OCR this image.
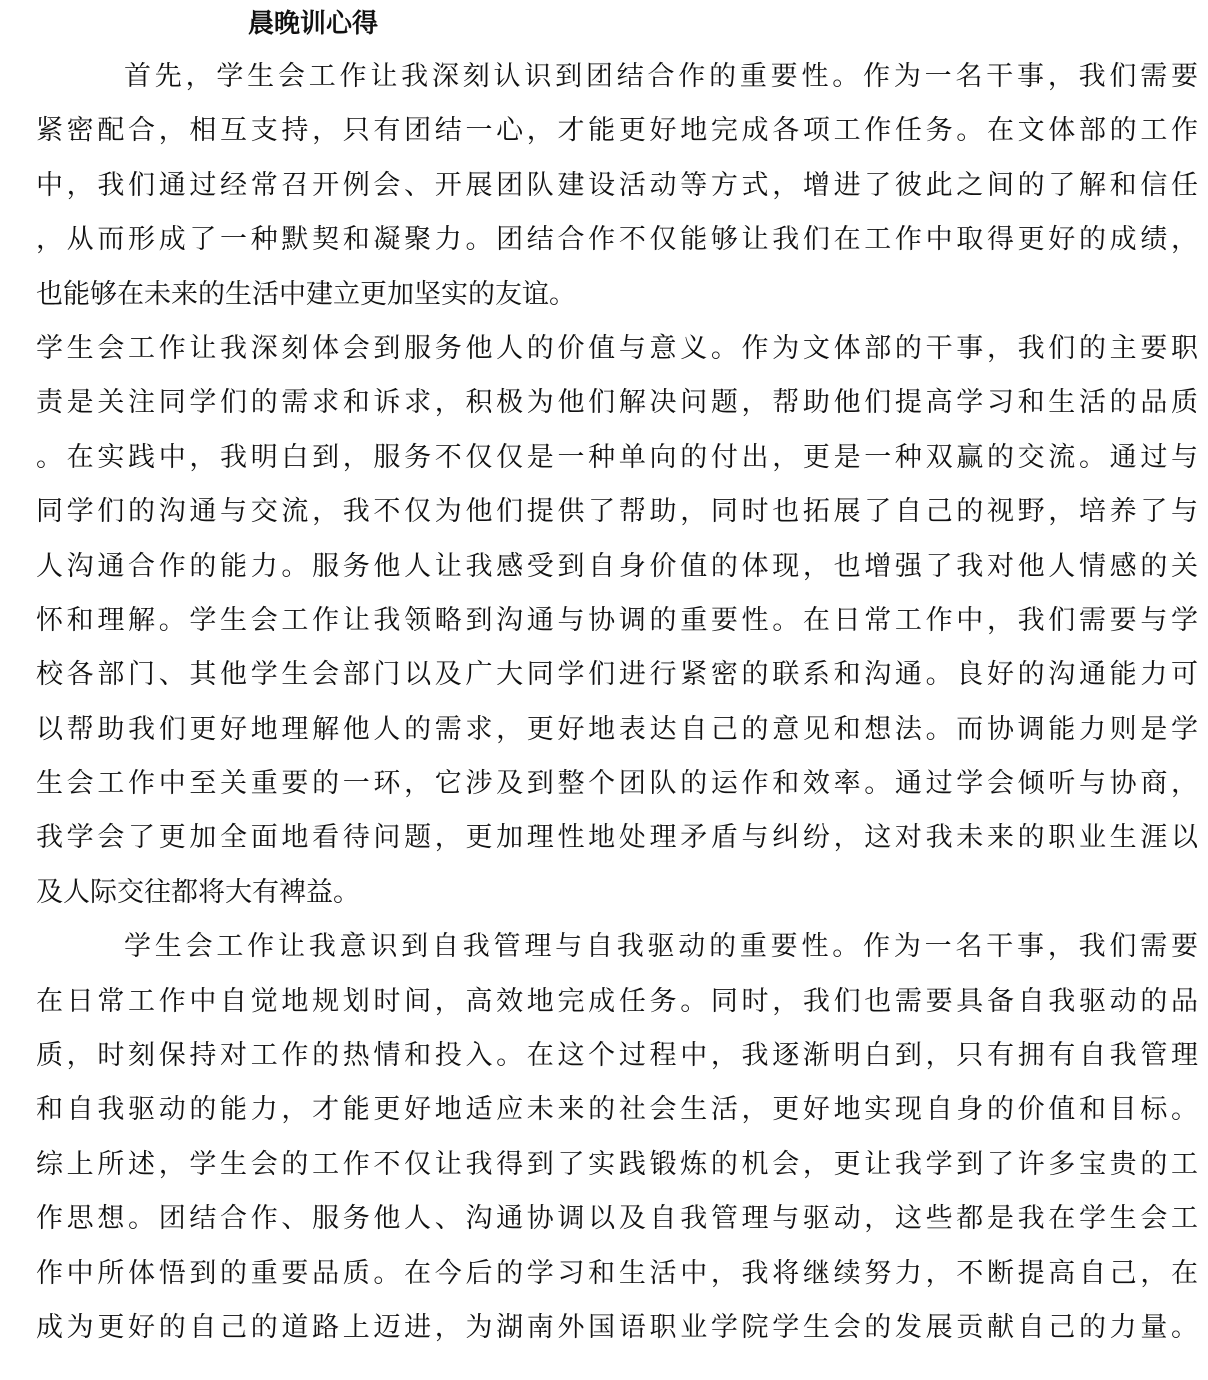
晨晚训心得
首先，学生会工作让我深刻认识到团结合作的重要性。作为一名干事，我们需要
紧密配合，相互支持，只有团结一心，才能更好地完成各项工作任务。在文体部的工作
中，我们通过经常召开例会、开展团队建设活动等方式，增进了彼此之间的了解和信任
，从而形成了一种默契和凝聚力。团结合作不仅能够让我们在工作中取得更好的成绩，
也能够在未来的生活中建立更加坚实的友谊。
学生会工作让我深刻体会到服务他人的价值与意义。作为文体部的干事，我们的主要职
责是关注同学们的需求和诉求，积极为他们解决问题，帮助他们提高学习和生活的品质
。在实践中，我明白到，服务不仅仅是一种单向的付出，更是一种双赢的交流。通过与
同学们的沟通与交流，我不仅为他们提供了帮助，同时也拓展了自己的视野，培养了与
人沟通合作的能力。服务他人让我感受到自身价值的体现，也增强了我对他人情感的关
怀和理解。学生会工作让我领略到沟通与协调的重要性。在日常工作中，我们需要与学
校各部门、其他学生会部门以及广大同学们进行紧密的联系和沟通。良好的沟通能力可
以帮助我们更好地理解他人的需求，更好地表达自己的意见和想法。而协调能力则是学
生会工作中至关重要的一环，它涉及到整个团队的运作和效率。通过学会倾听与协商，
我学会了更加全面地看待问题，更加理性地处理矛盾与纠纷，这对我未来的职业生涯以
及人际交往都将大有裨益。
学生会工作让我意识到自我管理与自我驱动的重要性。作为一名干事，我们需要
在日常工作中自觉地规划时间，高效地完成任务。同时，我们也需要具备自我驱动的品
质，时刻保持对工作的热情和投入。在这个过程中，我逐渐明白到，只有拥有自我管理
和自我驱动的能力，才能更好地适应未来的社会生活，更好地实现自身的价值和目标。
综上所述，学生会的工作不仅让我得到了实践锻炼的机会，更让我学到了许多宝贵的工
作思想。团结合作、服务他人、沟通协调以及自我管理与驱动，这些都是我在学生会工
作中所体悟到的重要品质。在今后的学习和生活中，我将继续努力，不断提高自己，在
成为更好的自己的道路上迈进，为湖南外国语职业学院学生会的发展贡献自己的力量。
